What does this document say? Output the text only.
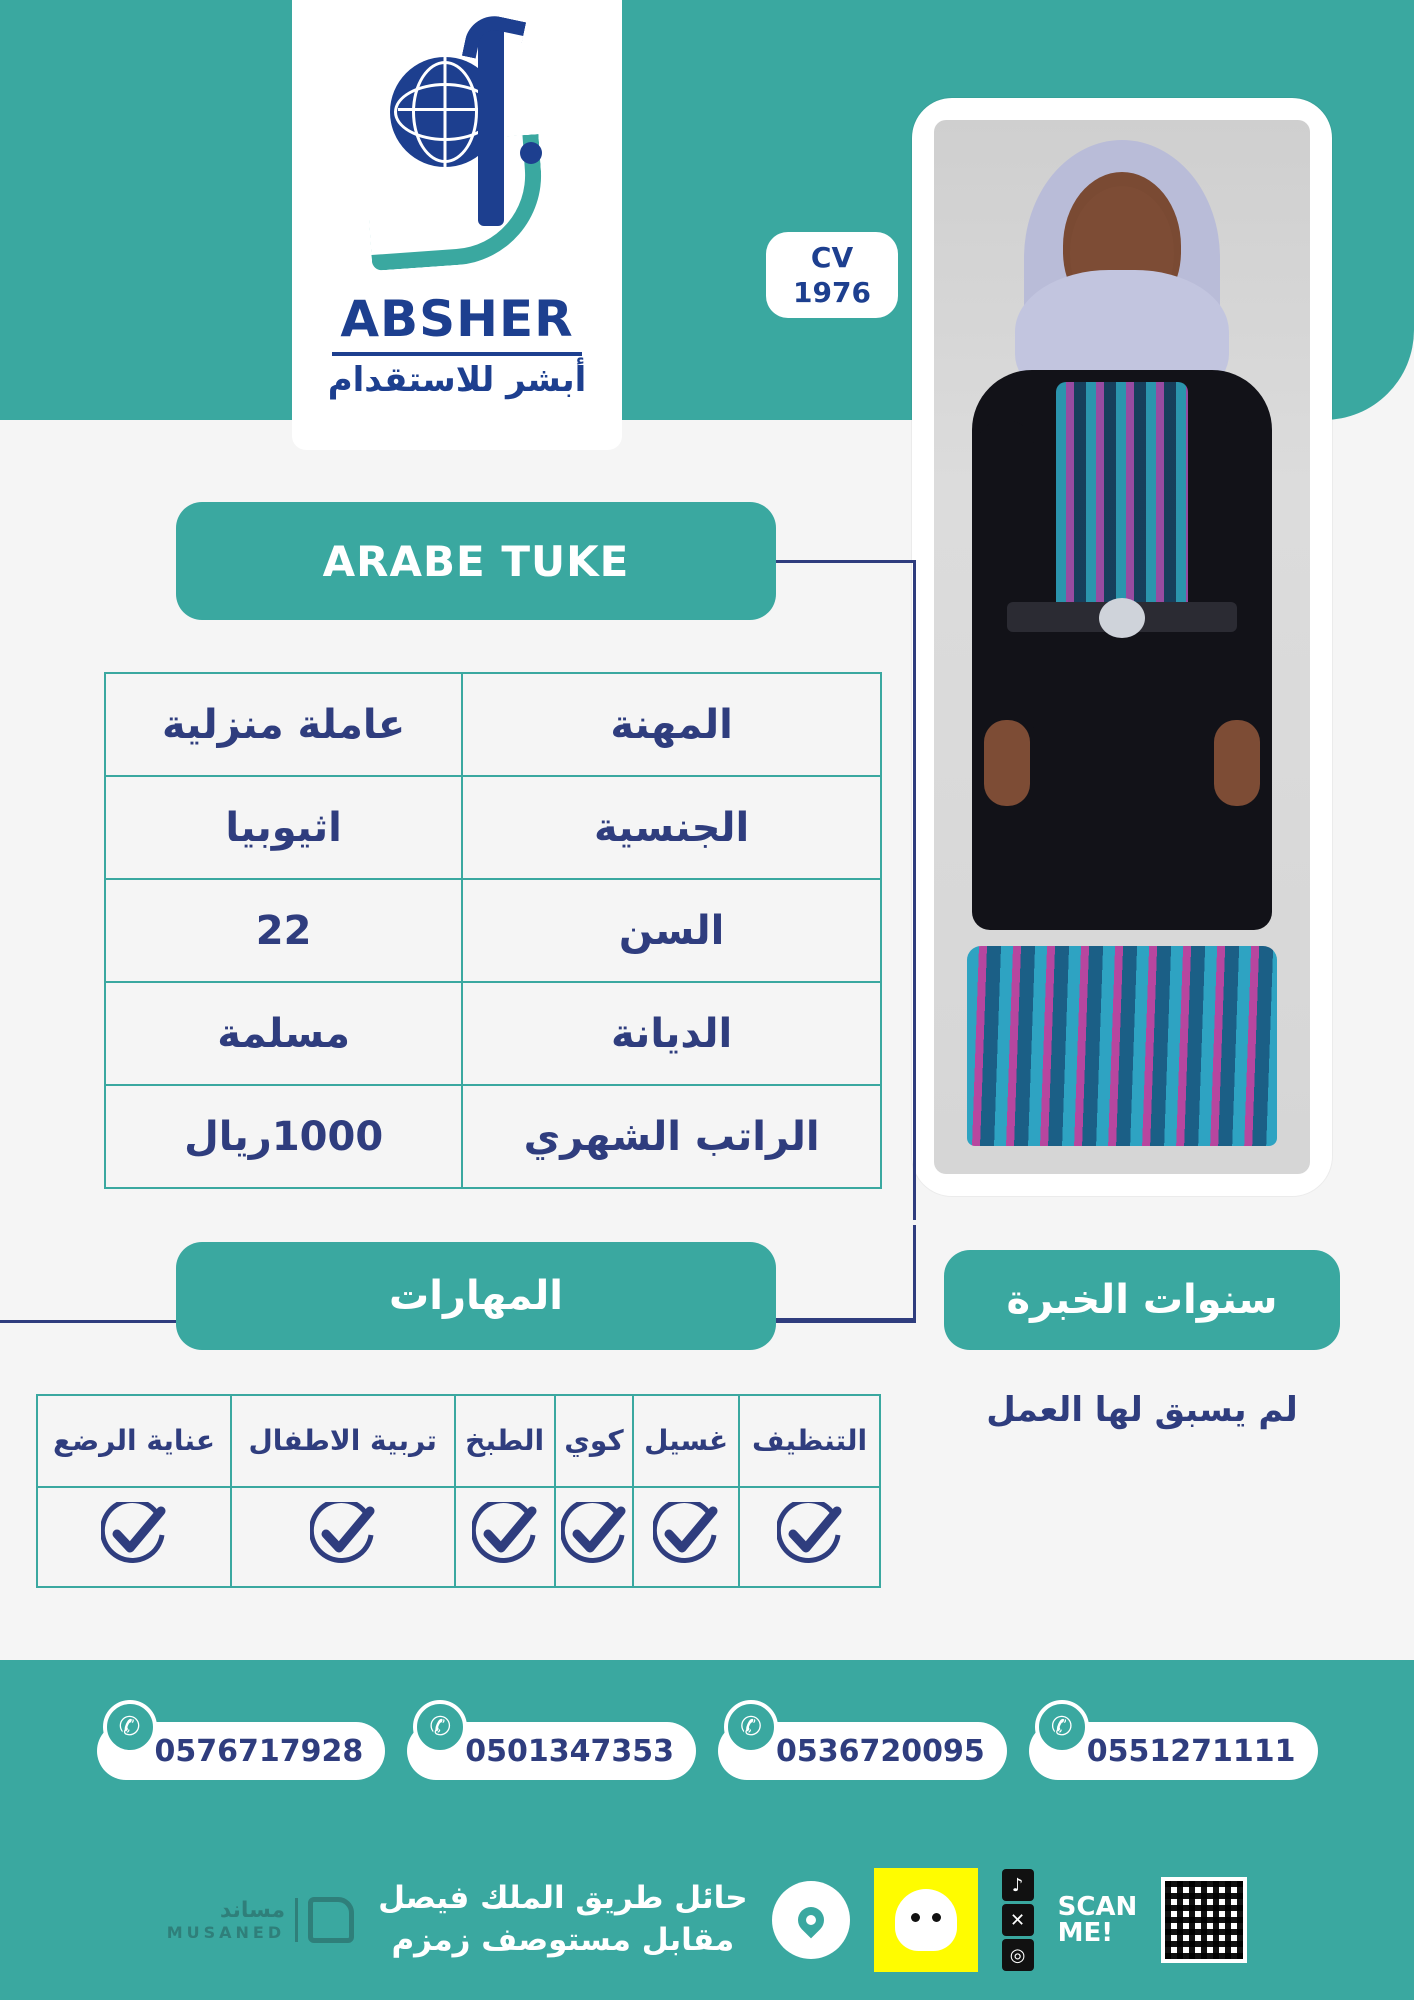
ABSHER
أبشر للاستقدام
CV
1976
ARABE TUKE
المهنة	عاملة منزلية
الجنسية	اثيوبيا
السن	22
الديانة	مسلمة
الراتب الشهري	1000ريال
المهارات	سنوات الخبرة
لم يسبق لها العمل
التنظيف	غسيل	كوي	الطبخ	تربية الاطفال	عناية الرضع

✆
0551271111
✆
0536720095
✆
0501347353
✆
0576717928
مساند
MUSANED
حائل طريق الملك فيصل
مقابل مستوصف زمزم
♪
✕
◎
SCAN
ME!
